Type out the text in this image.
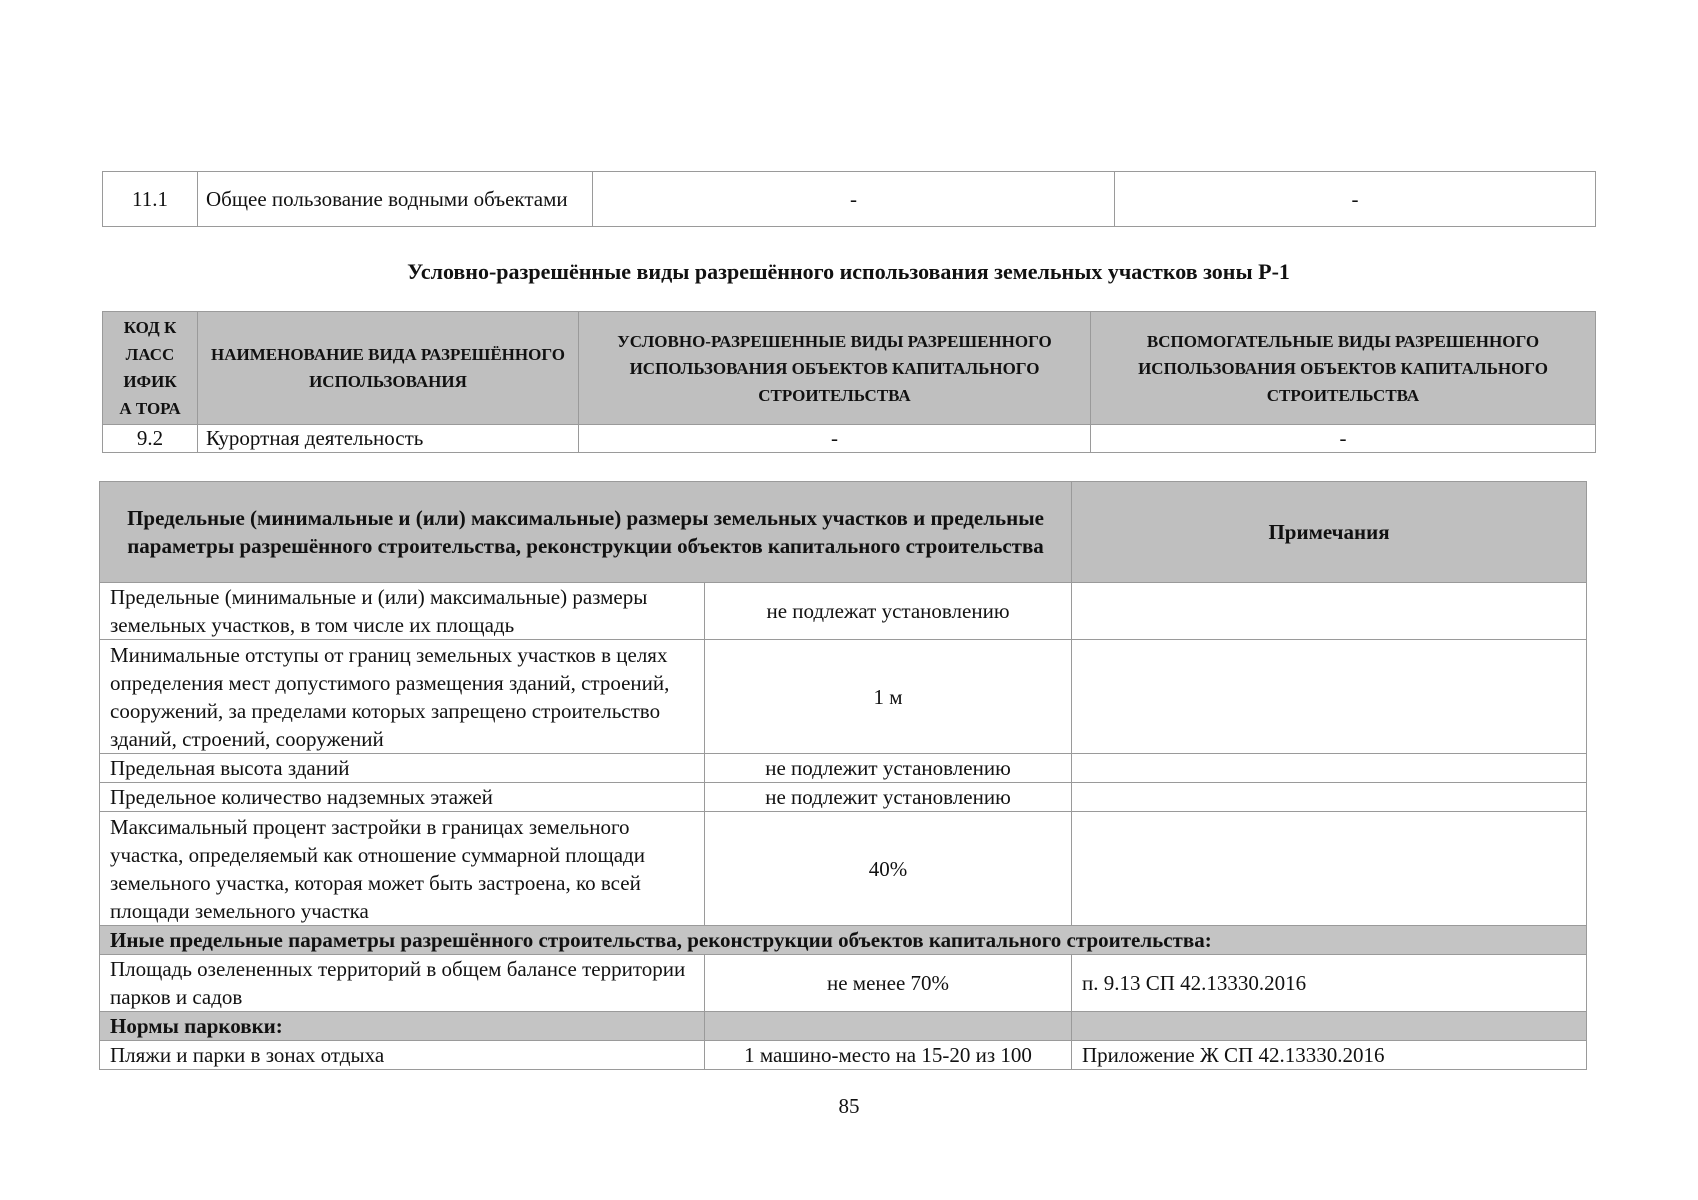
11.1	Общее пользование водными объектами	-	-
Условно-разрешённые виды разрешённого использования земельных участков зоны Р-1
КОД КЛАСС ИФИКА ТОРА	НАИМЕНОВАНИЕ ВИДА РАЗРЕШЁННОГО ИСПОЛЬЗОВАНИЯ	УСЛОВНО-РАЗРЕШЕННЫЕ ВИДЫ РАЗРЕШЕННОГО ИСПОЛЬЗОВАНИЯ ОБЪЕКТОВ КАПИТАЛЬНОГО СТРОИТЕЛЬСТВА	ВСПОМОГАТЕЛЬНЫЕ ВИДЫ РАЗРЕШЕННОГО ИСПОЛЬЗОВАНИЯ ОБЪЕКТОВ КАПИТАЛЬНОГО СТРОИТЕЛЬСТВА
9.2	Курортная деятельность	-	-
Предельные (минимальные и (или) максимальные) размеры земельных участков и предельные параметры разрешённого строительства, реконструкции объектов капитального строительства		Примечания
Предельные (минимальные и (или) максимальные) размеры земельных участков, в том числе их площадь	не подлежат установлению	
Минимальные отступы от границ земельных участков в целях определения мест допустимого размещения зданий, строений, сооружений, за пределами которых запрещено строительство зданий, строений, сооружений	1 м	
Предельная высота зданий	не подлежит установлению	
Предельное количество надземных этажей	не подлежит установлению	
Максимальный процент застройки в границах земельного участка, определяемый как отношение суммарной площади земельного участка, которая может быть застроена, ко всей площади земельного участка	40%	
Иные предельные параметры разрешённого строительства, реконструкции объектов капитального строительства:		
Площадь озелененных территорий в общем балансе территории парков и садов	не менее 70%	п. 9.13 СП 42.13330.2016
Нормы парковки:		
Пляжи и парки в зонах отдыха	1 машино-место на 15-20 из 100	Приложение Ж СП 42.13330.2016
85
